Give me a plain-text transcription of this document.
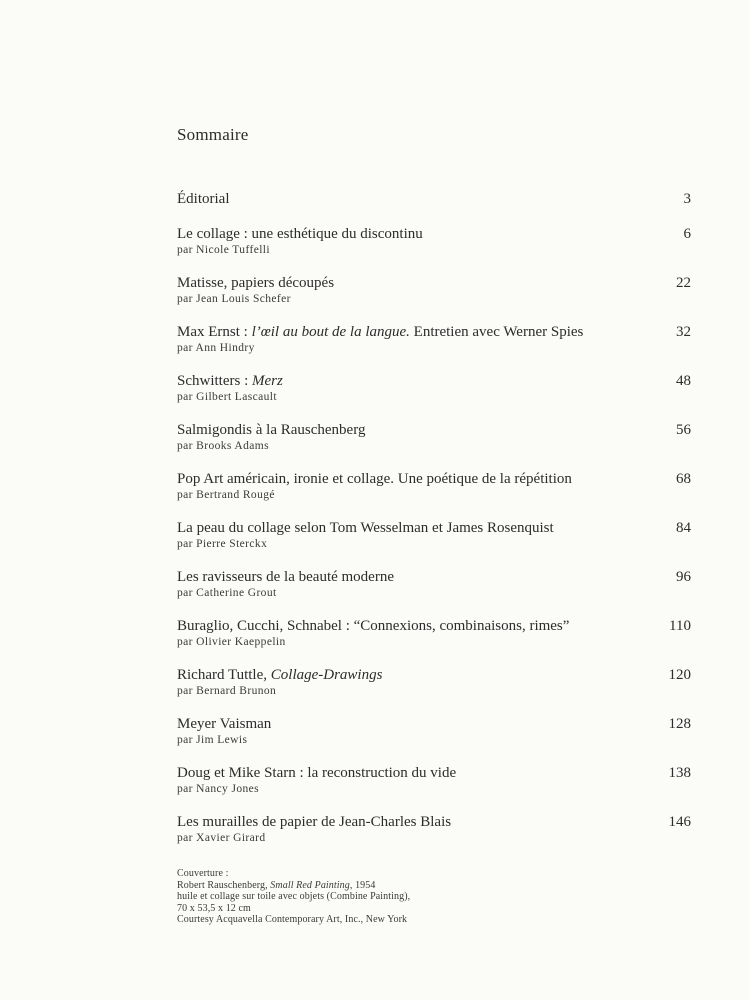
Sommaire
Éditorial	3
Le collage : une esthétique du discontinu
par Nicole Tuffelli
6
Matisse, papiers découpés
par Jean Louis Schefer
22
Max Ernst : l’œil au bout de la langue. Entretien avec Werner Spies
par Ann Hindry
32
Schwitters : Merz
par Gilbert Lascault
48
Salmigondis à la Rauschenberg
par Brooks Adams
56
Pop Art américain, ironie et collage. Une poétique de la répétition
par Bertrand Rougé
68
La peau du collage selon Tom Wesselman et James Rosenquist
par Pierre Sterckx
84
Les ravisseurs de la beauté moderne
par Catherine Grout
96
Buraglio, Cucchi, Schnabel : “Connexions, combinaisons, rimes”
par Olivier Kaeppelin
110
Richard Tuttle, Collage-Drawings
par Bernard Brunon
120
Meyer Vaisman
par Jim Lewis
128
Doug et Mike Starn : la reconstruction du vide
par Nancy Jones
138
Les murailles de papier de Jean-Charles Blais
par Xavier Girard
146
Couverture :
Robert Rauschenberg, Small Red Painting, 1954
huile et collage sur toile avec objets (Combine Painting),
70 x 53,5 x 12 cm
Courtesy Acquavella Contemporary Art, Inc., New York
